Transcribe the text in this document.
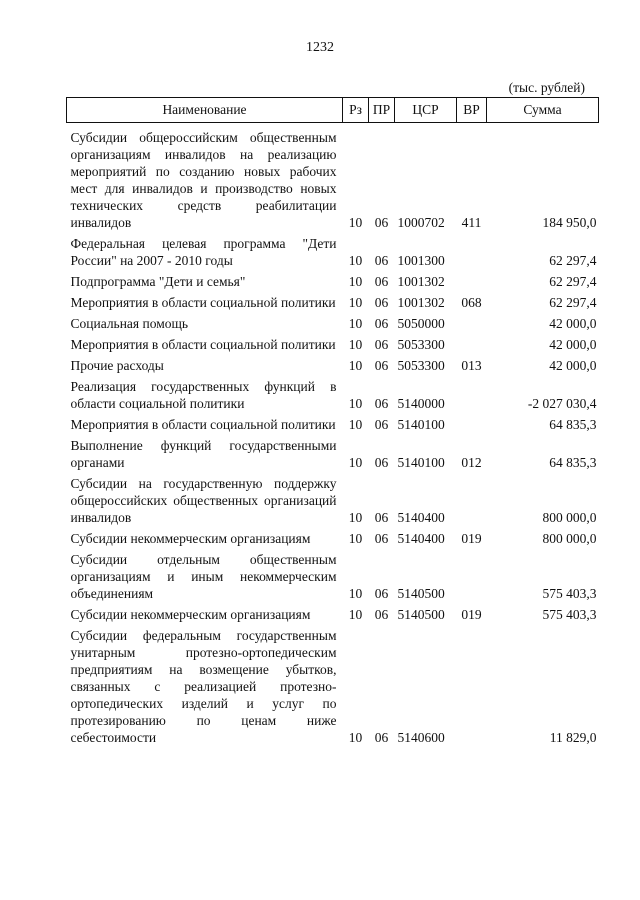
1232
(тыс. рублей)
Наименование	Рз	ПР	ЦСР	ВР	Сумма
Субсидии общероссийским общественным организациям инвалидов на реализацию мероприятий по созданию новых рабочих мест для инвалидов и производство новых технических средств реабилитации инвалидов	10	06	1000702	411	184 950,0
Федеральная целевая программа "Дети России" на 2007 - 2010 годы	10	06	1001300		62 297,4
Подпрограмма "Дети и семья"	10	06	1001302		62 297,4
Мероприятия в области социальной политики	10	06	1001302	068	62 297,4
Социальная помощь	10	06	5050000		42 000,0
Мероприятия в области социальной политики	10	06	5053300		42 000,0
Прочие расходы	10	06	5053300	013	42 000,0
Реализация государственных функций в области социальной политики	10	06	5140000		-2 027 030,4
Мероприятия в области социальной политики	10	06	5140100		64 835,3
Выполнение функций государственными органами	10	06	5140100	012	64 835,3
Субсидии на государственную поддержку общероссийских общественных организаций инвалидов	10	06	5140400		800 000,0
Субсидии некоммерческим организациям	10	06	5140400	019	800 000,0
Субсидии отдельным общественным организациям и иным некоммерческим объединениям	10	06	5140500		575 403,3
Субсидии некоммерческим организациям	10	06	5140500	019	575 403,3
Субсидии федеральным государственным унитарным протезно-ортопедическим предприятиям на возмещение убытков, связанных с реализацией протезно-ортопедических изделий и услуг по протезированию по ценам ниже себестоимости	10	06	5140600		11 829,0
